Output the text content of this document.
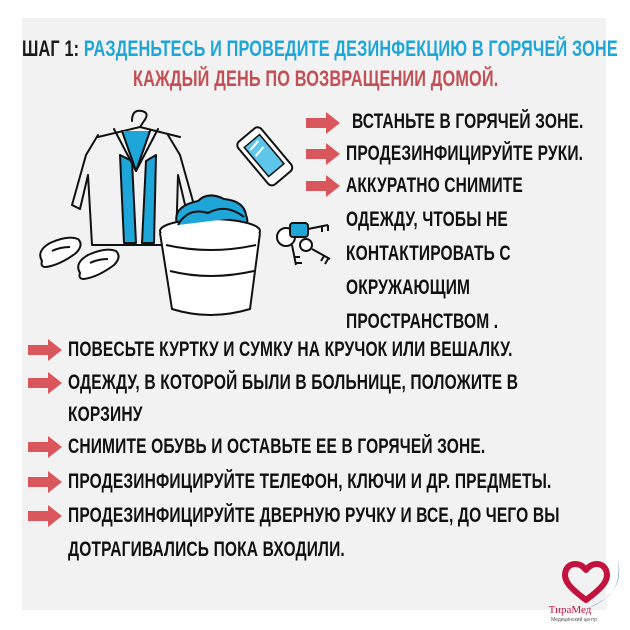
ШАГ 1: РАЗДЕНЬТЕСЬ И ПРОВЕДИТЕ ДЕЗИНФЕКЦИЮ В ГОРЯЧЕЙ ЗОНЕ
КАЖДЫЙ ДЕНЬ ПО ВОЗВРАЩЕНИИ ДОМОЙ.
ВСТАНЬТЕ В ГОРЯЧЕЙ ЗОНЕ.
ПРОДЕЗИНФИЦИРУЙТЕ РУКИ.
АККУРАТНО СНИМИТЕ
ОДЕЖДУ, ЧТОБЫ НЕ
КОНТАКТИРОВАТЬ С
ОКРУЖАЮЩИМ
ПРОСТРАНСТВОМ .
ПОВЕСЬТЕ КУРТКУ И СУМКУ НА КРУЧОК ИЛИ ВЕШАЛКУ.
ОДЕЖДУ, В КОТОРОЙ БЫЛИ В БОЛЬНИЦЕ, ПОЛОЖИТЕ В
КОРЗИНУ
СНИМИТЕ ОБУВЬ И ОСТАВЬТЕ ЕЕ В ГОРЯЧЕЙ ЗОНЕ.
ПРОДЕЗИНФИЦИРУЙТЕ ТЕЛЕФОН, КЛЮЧИ И ДР. ПРЕДМЕТЫ.
ПРОДЕЗИНФИЦИРУЙТЕ ДВЕРНУЮ РУЧКУ И ВСЕ, ДО ЧЕГО ВЫ
ДОТРАГИВАЛИСЬ ПОКА ВХОДИЛИ.
ТираМед
Медицинский центр
